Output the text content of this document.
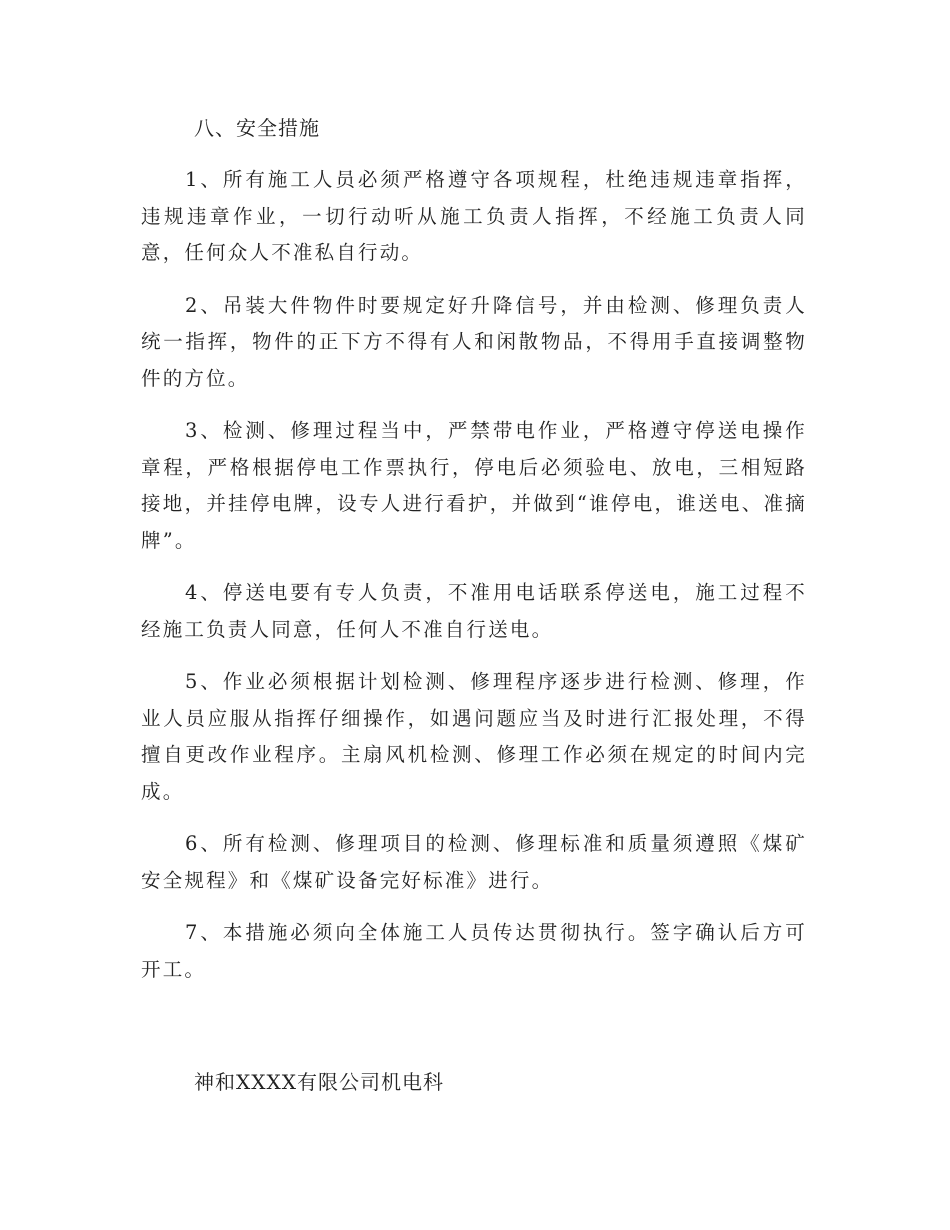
八、安全措施

1、所有施工人员必须严格遵守各项规程，杜绝违规违章指挥，违规违章作业，一切行动听从施工负责人指挥，不经施工负责人同意，任何众人不准私自行动。

2、吊装大件物件时要规定好升降信号，并由检测、修理负责人统一指挥，物件的正下方不得有人和闲散物品，不得用手直接调整物件的方位。

3、检测、修理过程当中，严禁带电作业，严格遵守停送电操作章程，严格根据停电工作票执行，停电后必须验电、放电，三相短路接地，并挂停电牌，设专人进行看护，并做到“谁停电，谁送电、准摘牌”。

4、停送电要有专人负责，不准用电话联系停送电，施工过程不经施工负责人同意，任何人不准自行送电。

5、作业必须根据计划检测、修理程序逐步进行检测、修理，作业人员应服从指挥仔细操作，如遇问题应当及时进行汇报处理，不得擅自更改作业程序。主扇风机检测、修理工作必须在规定的时间内完成。

6、所有检测、修理项目的检测、修理标准和质量须遵照《煤矿安全规程》和《煤矿设备完好标准》进行。

7、本措施必须向全体施工人员传达贯彻执行。签字确认后方可开工。

神和XXXX有限公司机电科
